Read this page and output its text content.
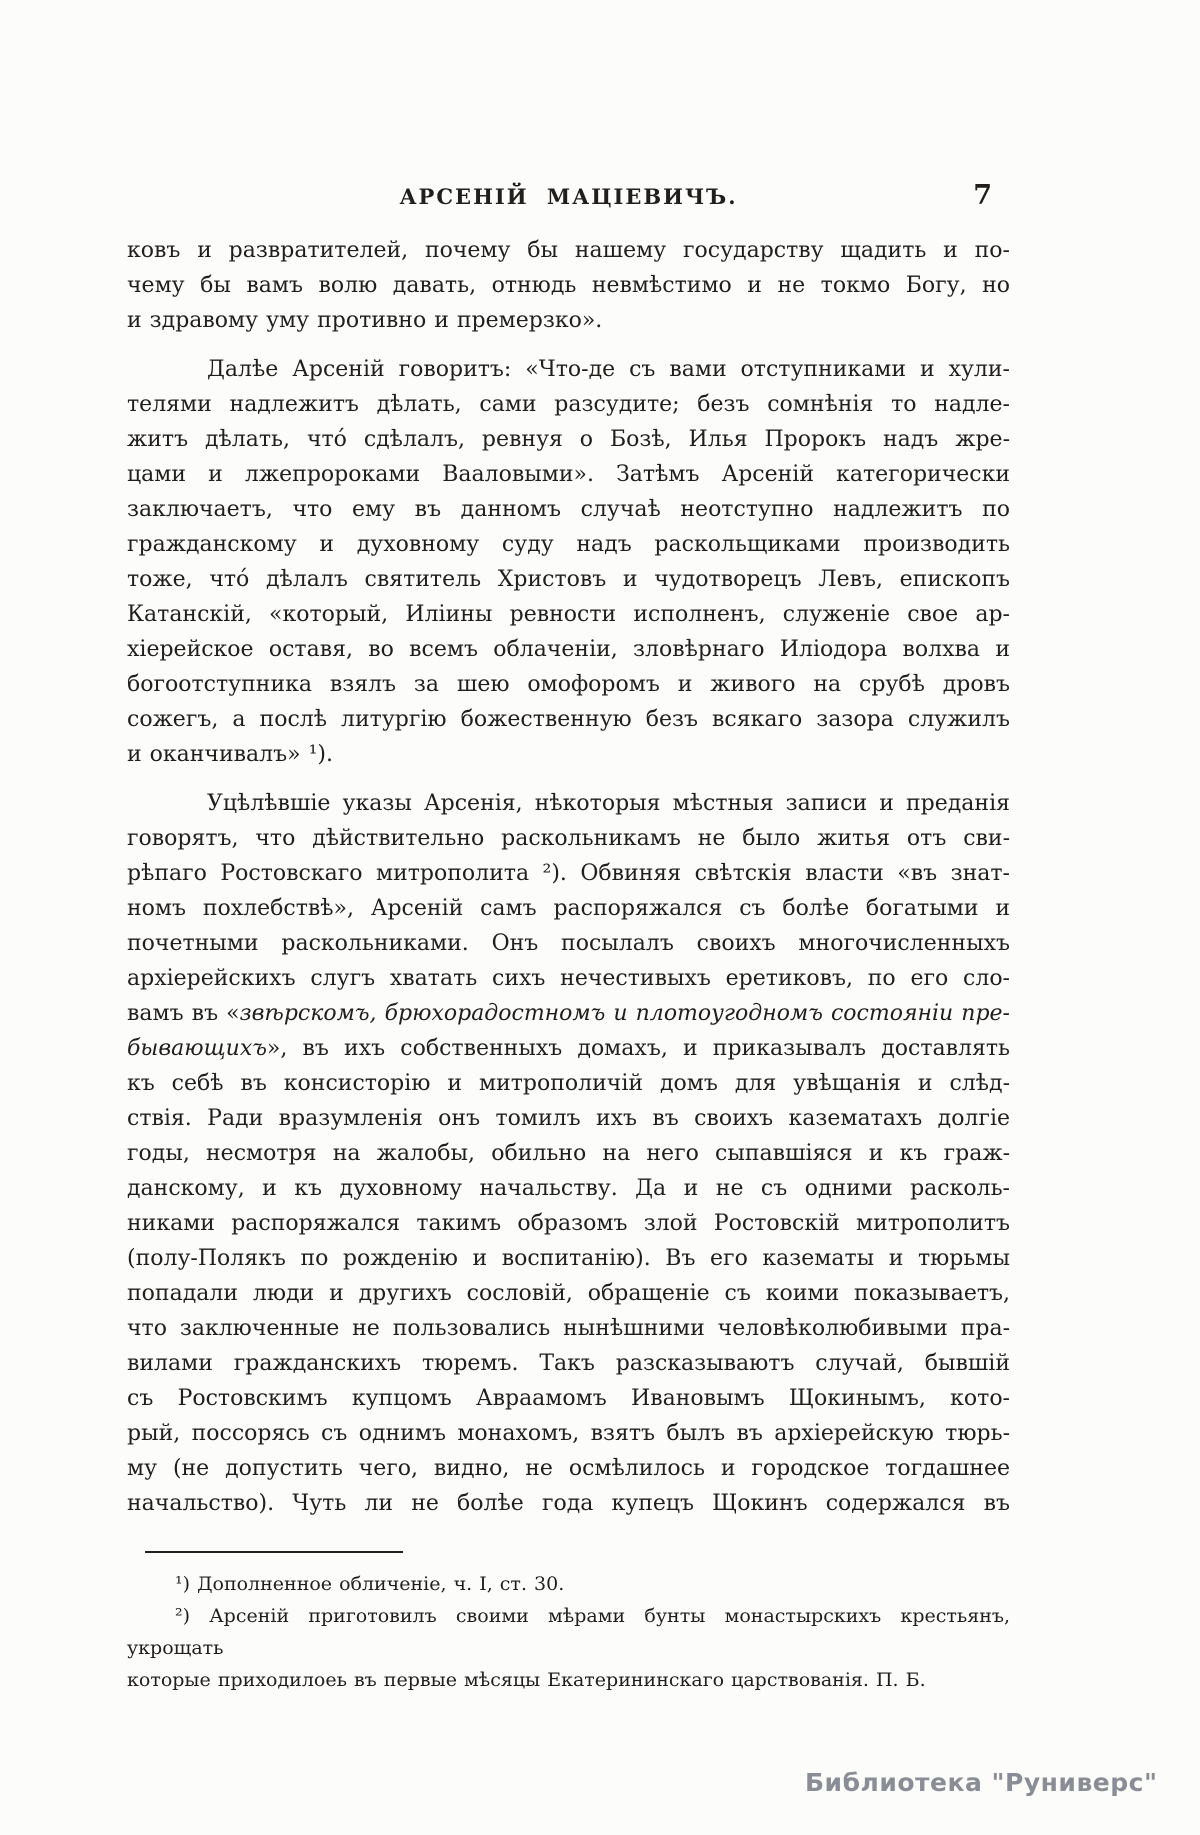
АРСЕНІЙ МАЦІЕВИЧЪ.	7
ковъ и развратителей, почему бы нашему государству щадить и по-
чему бы вамъ волю давать, отнюдь невмѣстимо и не токмо Богу, но
и здравому уму противно и премерзко».
Далѣе Арсеній говоритъ: «Что-де съ вами отступниками и хули-
телями надлежитъ дѣлать, сами разсудите; безъ сомнѣнія то надле-
житъ дѣлать, что́ сдѣлалъ, ревнуя о Бозѣ, Илья Пророкъ надъ жре-
цами и лжепророками Вааловыми». Затѣмъ Арсеній категорически
заключаетъ, что ему въ данномъ случаѣ неотступно надлежитъ по
гражданскому и духовному суду надъ раскольщиками производить
тоже, что́ дѣлалъ святитель Христовъ и чудотворецъ Левъ, епископъ
Катанскій, «который, Иліины ревности исполненъ, служеніе свое ар-
хіерейское оставя, во всемъ облаченіи, зловѣрнаго Иліодора волхва и
богоотступника взялъ за шею омофоромъ и живого на срубѣ дровъ
сожегъ, а послѣ литургію божественную безъ всякаго зазора служилъ
и оканчивалъ» ¹).
Уцѣлѣвшіе указы Арсенія, нѣкоторыя мѣстныя записи и преданія
говорятъ, что дѣйствительно раскольникамъ не было житья отъ сви-
рѣпаго Ростовскаго митрополита ²). Обвиняя свѣтскія власти «въ знат-
номъ похлебствѣ», Арсеній самъ распоряжался съ болѣе богатыми и
почетными раскольниками. Онъ посылалъ своихъ многочисленныхъ
архіерейскихъ слугъ хватать сихъ нечестивыхъ еретиковъ, по его сло-
вамъ въ «звѣрскомъ, брюхорадостномъ и плотоугодномъ состояніи пре-
бывающихъ», въ ихъ собственныхъ домахъ, и приказывалъ доставлять
къ себѣ въ консисторію и митрополичій домъ для увѣщанія и слѣд-
ствія. Ради вразумленія онъ томилъ ихъ въ своихъ казематахъ долгіе
годы, несмотря на жалобы, обильно на него сыпавшіяся и къ граж-
данскому, и къ духовному начальству. Да и не съ одними расколь-
никами распоряжался такимъ образомъ злой Ростовскій митрополитъ
(полу-Полякъ по рожденію и воспитанію). Въ его казематы и тюрьмы
попадали люди и другихъ сословій, обращеніе съ коими показываетъ,
что заключенные не пользовались нынѣшними человѣколюбивыми пра-
вилами гражданскихъ тюремъ. Такъ разсказываютъ случай, бывшій
съ Ростовскимъ купцомъ Авраамомъ Ивановымъ Щокинымъ, кото-
рый, поссорясь съ однимъ монахомъ, взятъ былъ въ архіерейскую тюрь-
му (не допустить чего, видно, не осмѣлилось и городское тогдашнее
начальство). Чуть ли не болѣе года купецъ Щокинъ содержался въ
¹) Дополненное обличеніе, ч. I, ст. 30.
²) Арсеній приготовилъ своими мѣрами бунты монастырскихъ крестьянъ, укрощать
которые приходилоеь въ первые мѣсяцы Екатерининскаго царствованія. П. Б.
Библиотека "Руниверс"
